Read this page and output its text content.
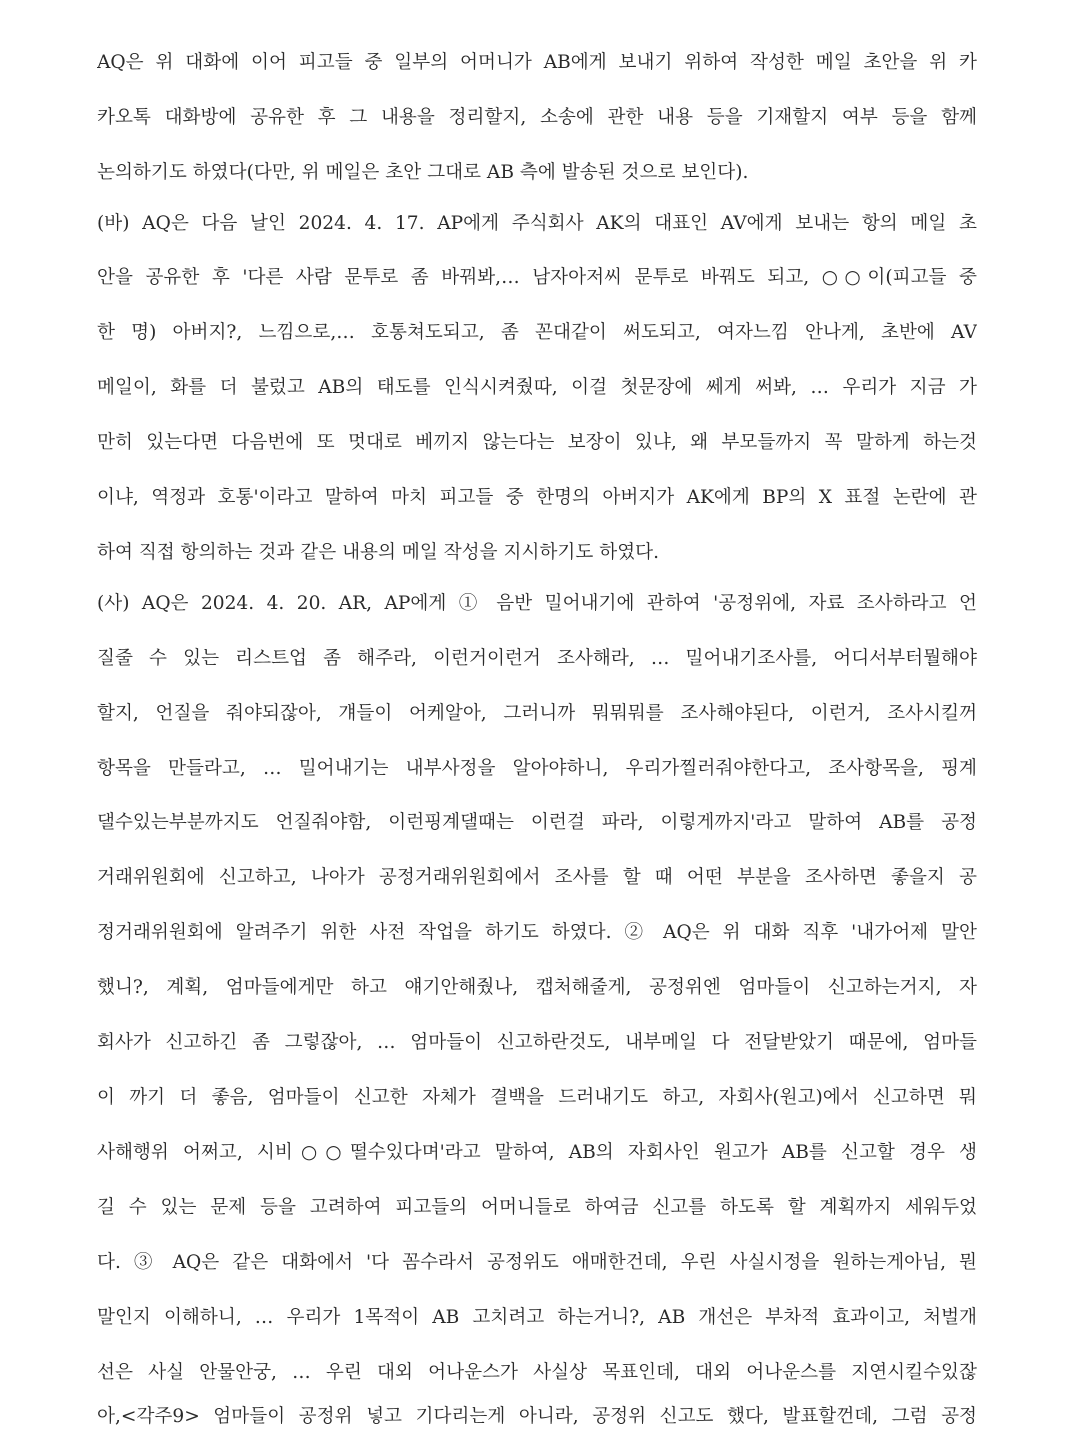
AQ은 위 대화에 이어 피고들 중 일부의 어머니가 AB에게 보내기 위하여 작성한 메일 초안을 위 카
카오톡 대화방에 공유한 후 그 내용을 정리할지, 소송에 관한 내용 등을 기재할지 여부 등을 함께
논의하기도 하였다(다만, 위 메일은 초안 그대로 AB 측에 발송된 것으로 보인다).
(바) AQ은 다음 날인 2024. 4. 17. AP에게 주식회사 AK의 대표인 AV에게 보내는 항의 메일 초
안을 공유한 후 '다른 사람 문투로 좀 바꿔봐,… 남자아저씨 문투로 바꿔도 되고, ○○이(피고들 중
한 명) 아버지?, 느낌으로,… 호통쳐도되고, 좀 꼰대같이 써도되고, 여자느낌 안나게, 초반에 AV
메일이, 화를 더 불렀고 AB의 태도를 인식시켜줬따, 이걸 첫문장에 쎄게 써봐, … 우리가 지금 가
만히 있는다면 다음번에 또 멋대로 베끼지 않는다는 보장이 있냐, 왜 부모들까지 꼭 말하게 하는것
이냐, 역정과 호통'이라고 말하여 마치 피고들 중 한명의 아버지가 AK에게 BP의 X 표절 논란에 관
하여 직접 항의하는 것과 같은 내용의 메일 작성을 지시하기도 하였다.
(사) AQ은 2024. 4. 20. AR, AP에게 ① 음반 밀어내기에 관하여 '공정위에, 자료 조사하라고 언
질줄 수 있는 리스트업 좀 해주라, 이런거이런거 조사해라, … 밀어내기조사를, 어디서부터뭘해야
할지, 언질을 줘야되잖아, 걔들이 어케알아, 그러니까 뭐뭐뭐를 조사해야된다, 이런거, 조사시킬꺼
항목을 만들라고, … 밀어내기는 내부사정을 알아야하니, 우리가찔러줘야한다고, 조사항목을, 핑계
댈수있는부분까지도 언질줘야함, 이런핑계댈때는 이런걸 파라, 이렇게까지'라고 말하여 AB를 공정
거래위원회에 신고하고, 나아가 공정거래위원회에서 조사를 할 때 어떤 부분을 조사하면 좋을지 공
정거래위원회에 알려주기 위한 사전 작업을 하기도 하였다. ② AQ은 위 대화 직후 '내가어제 말안
했니?, 계획, 엄마들에게만 하고 얘기안해줬나, 캡처해줄게, 공정위엔 엄마들이 신고하는거지, 자
회사가 신고하긴 좀 그렇잖아, … 엄마들이 신고하란것도, 내부메일 다 전달받았기 때문에, 엄마들
이 까기 더 좋음, 엄마들이 신고한 자체가 결백을 드러내기도 하고, 자회사(원고)에서 신고하면 뭐
사해행위 어쩌고, 시비○○떨수있다며'라고 말하여, AB의 자회사인 원고가 AB를 신고할 경우 생
길 수 있는 문제 등을 고려하여 피고들의 어머니들로 하여금 신고를 하도록 할 계획까지 세워두었
다. ③ AQ은 같은 대화에서 '다 꼼수라서 공정위도 애매한건데, 우린 사실시정을 원하는게아님, 뭔
말인지 이해하니, … 우리가 1목적이 AB 고치려고 하는거니?, AB 개선은 부차적 효과이고, 처벌개
선은 사실 안물안궁, … 우린 대외 어나운스가 사실상 목표인데, 대외 어나운스를 지연시킬수있잖
아,<각주9> 엄마들이 공정위 넣고 기다리는게 아니라, 공정위 신고도 했다, 발표할껀데, 그럼 공정
